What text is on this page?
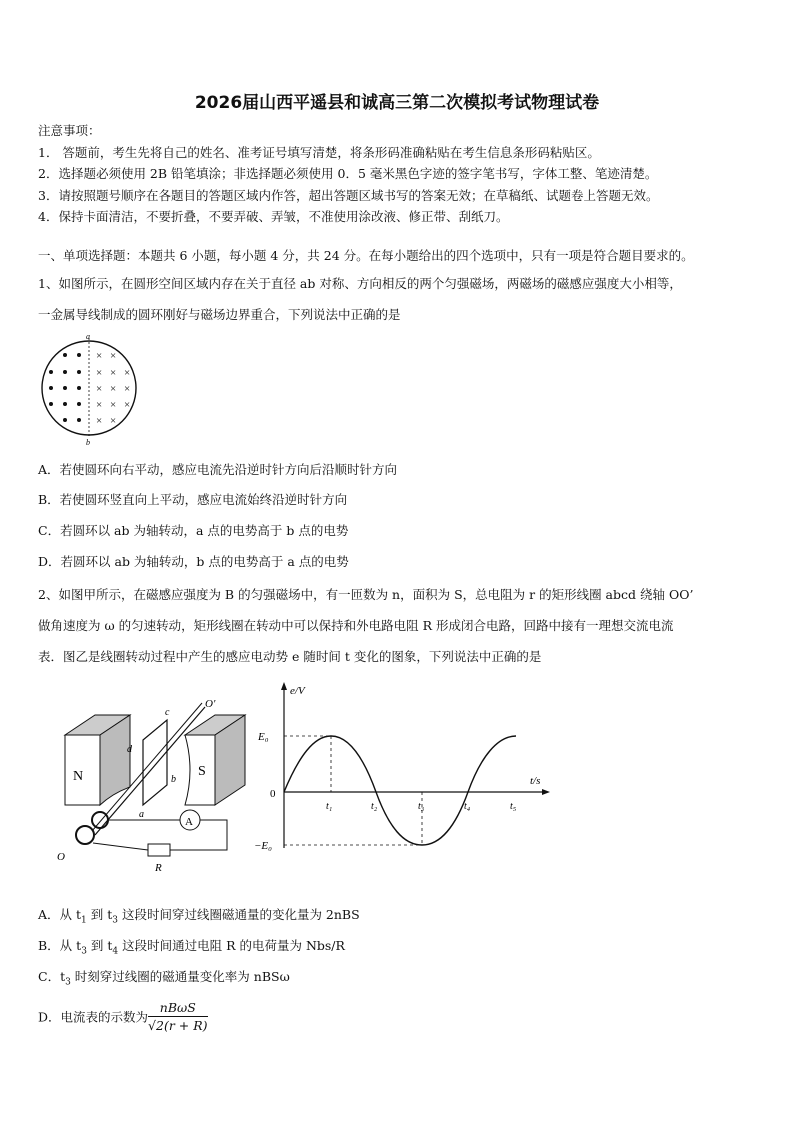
2026届山西平遥县和诚高三第二次模拟考试物理试卷
注意事项：
1． 答题前，考生先将自己的姓名、准考证号填写清楚，将条形码准确粘贴在考生信息条形码粘贴区。
2．选择题必须使用 2B 铅笔填涂；非选择题必须使用 0．5 毫米黑色字迹的签字笔书写，字体工整、笔迹清楚。
3．请按照题号顺序在各题目的答题区域内作答，超出答题区域书写的答案无效；在草稿纸、试题卷上答题无效。
4．保持卡面清洁，不要折叠，不要弄破、弄皱，不准使用涂改液、修正带、刮纸刀。
一、单项选择题：本题共 6 小题，每小题 4 分，共 24 分。在每小题给出的四个选项中，只有一项是符合题目要求的。
1、如图所示，在圆形空间区域内存在关于直径 ab 对称、方向相反的两个匀强磁场，两磁场的磁感应强度大小相等，
一金属导线制成的圆环刚好与磁场边界重合，下列说法中正确的是
a
b
× ×
× × ×
× × ×
× × ×
× ×
A．若使圆环向右平动，感应电流先沿逆时针方向后沿顺时针方向
B．若使圆环竖直向上平动，感应电流始终沿逆时针方向
C．若圆环以 ab 为轴转动，a 点的电势高于 b 点的电势
D．若圆环以 ab 为轴转动，b 点的电势高于 a 点的电势
2、如图甲所示，在磁感应强度为 B 的匀强磁场中，有一匝数为 n，面积为 S，总电阻为 r 的矩形线圈 abcd 绕轴 OO’
做角速度为 ω 的匀速转动，矩形线圈在转动中可以保持和外电路电阻 R 形成闭合电路，回路中接有一理想交流电流
表．图乙是线圈转动过程中产生的感应电动势 e 随时间 t 变化的图象，下列说法中正确的是
N	S
O'
c
d
b
a
A
R
O
e/V
t/s
E₀
0
−E₀
t₁	t₂	t₃	t₄	t₅
A．从 $t_1$ 到 $t_3$ 这段时间穿过线圈磁通量的变化量为 2nBS
B．从 $t_3$ 到 $t_4$ 这段时间通过电阻 R 的电荷量为 Nbs/R
C．$t_3$ 时刻穿过线圈的磁通量变化率为 nBSω
D．电流表的示数为 $\frac{\text{nBωS}}{√2(r + R)}$
